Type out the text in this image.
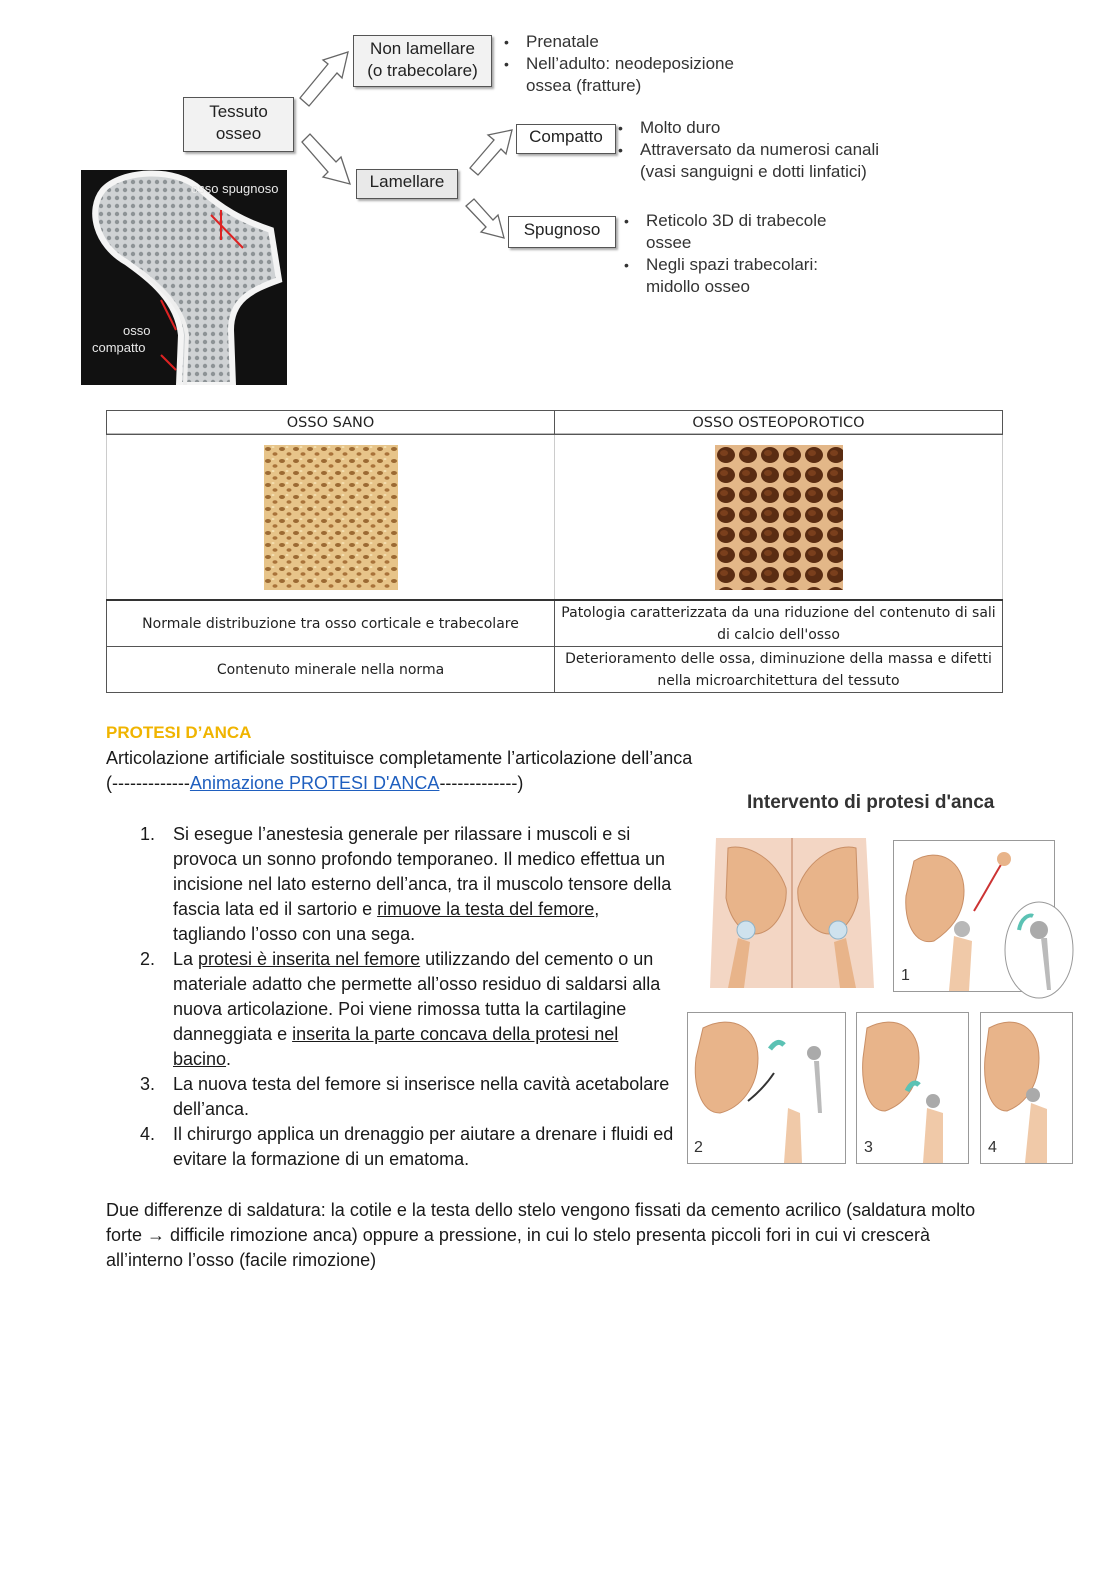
Tessuto
osseo
Non lamellare
(o trabecolare)
Lamellare
Compatto
Spugnoso
• Prenatale
• Nell’adulto: neodeposizione
ossea (fratture)
• Molto duro
• Attraversato da numerosi canali
(vasi sanguigni e dotti linfatici)
• Reticolo 3D di trabecole
ossee
• Negli spazi trabecolari:
midollo osseo
osso spugnoso
osso
compatto
OSSO SANO	OSSO OSTEOPOROTICO

Normale distribuzione tra osso corticale e trabecolare	Patologia caratterizzata da una riduzione del contenuto di sali di calcio dell'osso
Contenuto minerale nella norma	Deterioramento delle ossa, diminuzione della massa e difetti nella microarchitettura del tessuto
PROTESI D’ANCA
Articolazione artificiale sostituisce completamente l’articolazione dell’anca
(-------------Animazione PROTESI D'ANCA-------------)
1. Si esegue l’anestesia generale per rilassare i muscoli e si provoca un sonno profondo temporaneo. Il medico effettua un incisione nel lato esterno dell’anca, tra il muscolo tensore della fascia lata ed il sartorio e rimuove la testa del femore, tagliando l’osso con una sega.
2. La protesi è inserita nel femore utilizzando del cemento o un materiale adatto che permette all’osso residuo di saldarsi alla nuova articolazione. Poi viene rimossa tutta la cartilagine danneggiata e inserita la parte concava della protesi nel bacino.
3. La nuova testa del femore si inserisce nella cavità acetabolare dell’anca.
4. Il chirurgo applica un drenaggio per aiutare a drenare i fluidi ed evitare la formazione di un ematoma.
Intervento di protesi d'anca
1
2	3	4
Due differenze di saldatura: la cotile e la testa dello stelo vengono fissati da cemento acrilico (saldatura molto forte → difficile rimozione anca) oppure a pressione, in cui lo stelo presenta piccoli fori in cui vi crescerà all’interno l’osso (facile rimozione)
